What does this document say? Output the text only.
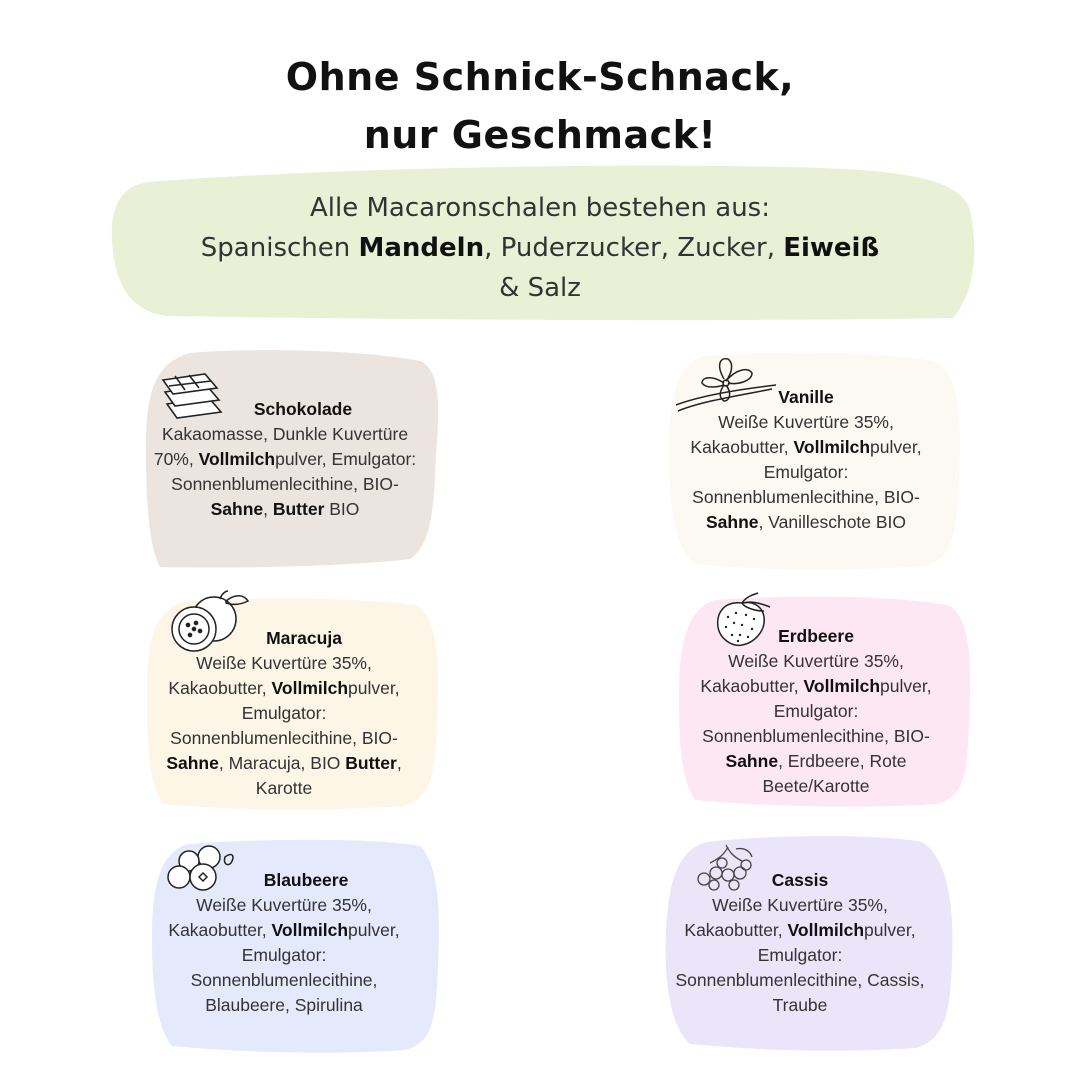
Ohne Schnick-Schnack,
nur Geschmack!
Alle Macaronschalen bestehen aus:
Spanischen Mandeln, Puderzucker, Zucker, Eiweiß
& Salz
Schokolade
Kakaomasse, Dunkle Kuvertüre
70%, Vollmilchpulver, Emulgator:
Sonnenblumenlecithine, BIO-
Sahne, Butter BIO
Vanille
Weiße Kuvertüre 35%,
Kakaobutter, Vollmilchpulver,
Emulgator:
Sonnenblumenlecithine, BIO-
Sahne, Vanilleschote BIO
Maracuja
Weiße Kuvertüre 35%,
Kakaobutter, Vollmilchpulver,
Emulgator:
Sonnenblumenlecithine, BIO-
Sahne, Maracuja, BIO Butter,
Karotte
Erdbeere
Weiße Kuvertüre 35%,
Kakaobutter, Vollmilchpulver,
Emulgator:
Sonnenblumenlecithine, BIO-
Sahne, Erdbeere, Rote
Beete/Karotte
Blaubeere
Weiße Kuvertüre 35%,
Kakaobutter, Vollmilchpulver,
Emulgator:
Sonnenblumenlecithine,
Blaubeere, Spirulina
Cassis
Weiße Kuvertüre 35%,
Kakaobutter, Vollmilchpulver,
Emulgator:
Sonnenblumenlecithine, Cassis,
Traube
